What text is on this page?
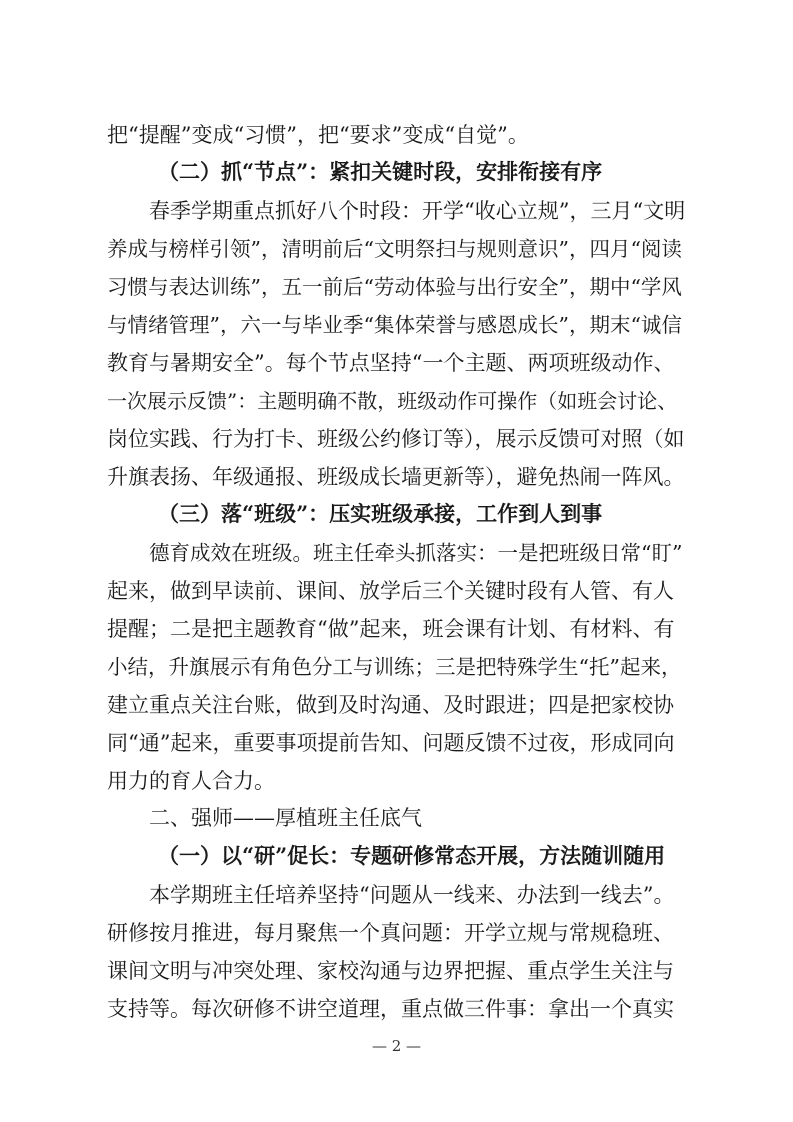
把“提醒”变成“习惯”，把“要求”变成“自觉”。
（二）抓“节点”：紧扣关键时段，安排衔接有序
春季学期重点抓好八个时段：开学“收心立规”，三月“文明
养成与榜样引领”，清明前后“文明祭扫与规则意识”，四月“阅读
习惯与表达训练”，五一前后“劳动体验与出行安全”，期中“学风
与情绪管理”，六一与毕业季“集体荣誉与感恩成长”，期末“诚信
教育与暑期安全”。每个节点坚持“一个主题、两项班级动作、
一次展示反馈”：主题明确不散，班级动作可操作（如班会讨论、
岗位实践、行为打卡、班级公约修订等），展示反馈可对照（如
升旗表扬、年级通报、班级成长墙更新等），避免热闹一阵风。
（三）落“班级”：压实班级承接，工作到人到事
德育成效在班级。班主任牵头抓落实：一是把班级日常“盯”
起来，做到早读前、课间、放学后三个关键时段有人管、有人
提醒；二是把主题教育“做”起来，班会课有计划、有材料、有
小结，升旗展示有角色分工与训练；三是把特殊学生“托”起来，
建立重点关注台账，做到及时沟通、及时跟进；四是把家校协
同“通”起来，重要事项提前告知、问题反馈不过夜，形成同向
用力的育人合力。
二、强师——厚植班主任底气
（一）以“研”促长：专题研修常态开展，方法随训随用
本学期班主任培养坚持“问题从一线来、办法到一线去”。
研修按月推进，每月聚焦一个真问题：开学立规与常规稳班、
课间文明与冲突处理、家校沟通与边界把握、重点学生关注与
支持等。每次研修不讲空道理，重点做三件事：拿出一个真实
— 2 —
